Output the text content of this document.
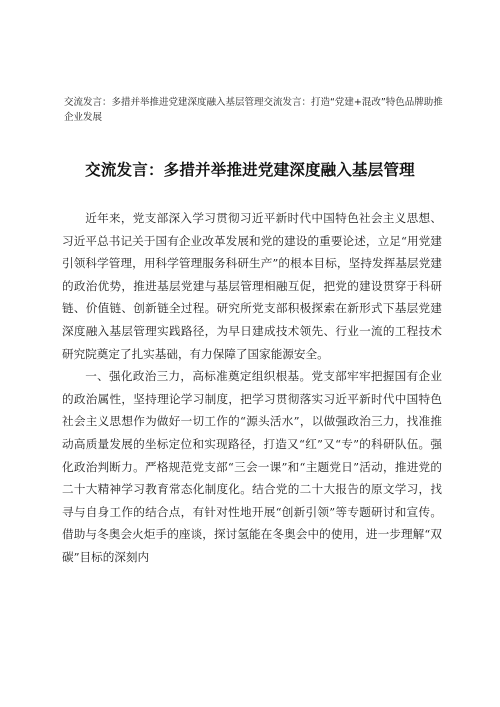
交流发言：多措并举推进党建深度融入基层管理交流发言：打造“党建+混改”特色品牌助推企业发展

交流发言：多措并举推进党建深度融入基层管理

近年来，党支部深入学习贯彻习近平新时代中国特色社会主义思想、习近平总书记关于国有企业改革发展和党的建设的重要论述，立足“用党建引领科学管理，用科学管理服务科研生产”的根本目标，坚持发挥基层党建的政治优势，推进基层党建与基层管理相融互促，把党的建设贯穿于科研链、价值链、创新链全过程。研究所党支部积极探索在新形式下基层党建深度融入基层管理实践路径，为早日建成技术领先、行业一流的工程技术研究院奠定了扎实基础，有力保障了国家能源安全。

一、强化政治三力，高标准奠定组织根基。党支部牢牢把握国有企业的政治属性，坚持理论学习制度，把学习贯彻落实习近平新时代中国特色社会主义思想作为做好一切工作的“源头活水”，以做强政治三力，找准推动高质量发展的坐标定位和实现路径，打造又“红”又“专”的科研队伍。强化政治判断力。严格规范党支部“三会一课”和“主题党日”活动，推进党的二十大精神学习教育常态化制度化。结合党的二十大报告的原文学习，找寻与自身工作的结合点，有针对性地开展“创新引领”等专题研讨和宣传。借助与冬奥会火炬手的座谈，探讨氢能在冬奥会中的使用，进一步理解“双碳”目标的深刻内
